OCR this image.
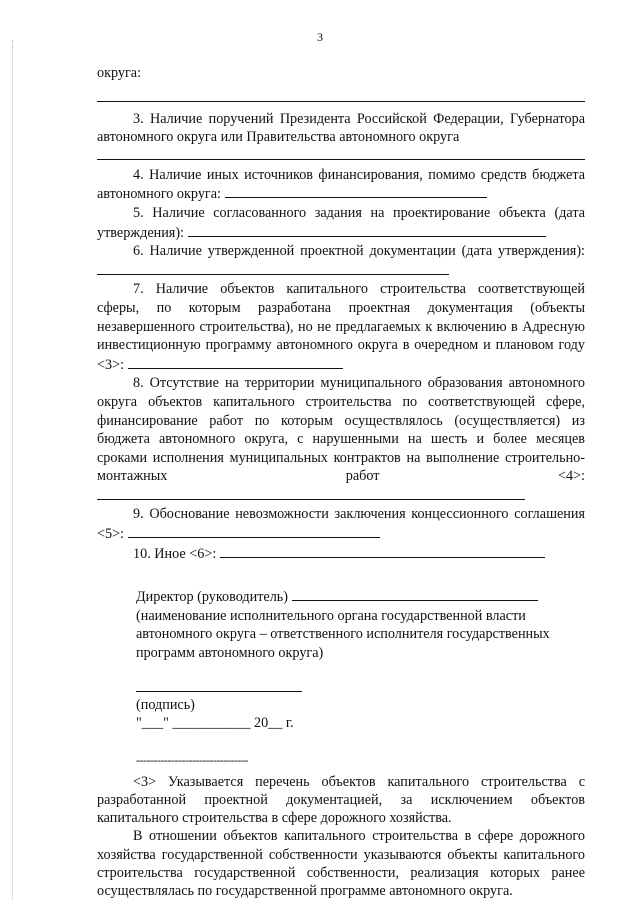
3

округа:

3. Наличие поручений Президента Российской Федерации, Губернатора автономного округа или Правительства автономного округа

4. Наличие иных источников финансирования, помимо средств бюджета автономного округа:

5. Наличие согласованного задания на проектирование объекта (дата утверждения):

6. Наличие утвержденной проектной документации (дата утверждения):

7. Наличие объектов капитального строительства соответствующей сферы, по которым разработана проектная документация (объекты незавершенного строительства), но не предлагаемых к включению в Адресную инвестиционную программу автономного округа в очередном и плановом году <3>:

8. Отсутствие на территории муниципального образования автономного округа объектов капитального строительства по соответствующей сфере, финансирование работ по которым осуществлялось (осуществляется) из бюджета автономного округа, с нарушенными на шесть и более месяцев сроками исполнения муниципальных контрактов на выполнение строительно-монтажных работ <4>:

9. Обоснование невозможности заключения концессионного соглашения <5>:

10. Иное <6>:

Директор (руководитель)

(наименование исполнительного органа государственной власти автономного округа – ответственного исполнителя государственных программ автономного округа)

(подпись)

"___" ___________ 20__ г.

--------------------------------

<3> Указывается перечень объектов капитального строительства с разработанной проектной документацией, за исключением объектов капитального строительства в сфере дорожного хозяйства.

В отношении объектов капитального строительства в сфере дорожного хозяйства государственной собственности указываются объекты капитального строительства государственной собственности, реализация которых ранее осуществлялась по государственной программе автономного округа.
